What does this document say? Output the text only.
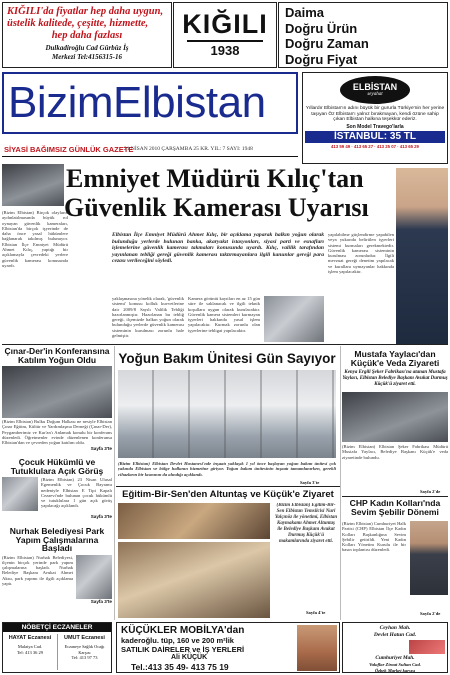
KIĞILI'da fiyatlar hep daha uygun,
üstelik kalitede, çeşitte, hizmette,
hep daha fazlası
Dulkadiroğlu Cad Gürbüz İş
Merkezi Tel:4156315-16
KIĞILI
1938
Daima
Doğru Ürün
Doğru Zaman
Doğru Fiyat
BizimElbistan
SİYASİ BAĞIMSIZ GÜNLÜK GAZETE
21 NİSAN 2010 ÇARŞAMBA 25 KR. YIL: 7 SAYI: 1948
ELBİSTAN
seyahat
Yıllardır Elbistan'ın adını büyük bir gururla Türkiye'nin her yerine taşıyan Öz Elbistan'ı yalnız bırakmayan, kendi özüne sahip çıkan Elbistan halkına teşekkür ederiz.
Son Model Travego'larla
İSTANBUL: 35 TL
413 59 49 · 413 65 27 · 413 25 07 · 413 65 29
Emniyet Müdürü Kılıç'tan
Güvenlik Kamerası Uyarısı
(Bizim Elbistan) Birçok olayların aydınlatılmasında büyük rol oynayan güvenlik kameraları, Elbistan'da birçok işyerinde de daha önce yasal hükümlere bağlanarak takılmış bulunuyor. Elbistan İlçe Emniyet Müdürü Ahmet Kılıç, yaptığı bir açıklamayla çevredeki yerlere güvenlik kamerası konusunda uyardı.
Elbistan İlçe Emniyet Müdürü Ahmet Kılıç, bir açıklama yaparak halkın yoğun olarak bulunduğu yerlerde bulunan banka, akaryakıt istasyonları, siyasi parti ve esnafları işlemelerine güvenlik kamerası takmaları konusunda uyardı. Kılıç, valilik tarafından yayınlanan tebliği gereği güvenlik kamerası taktırmayanlara ilgili kanunlar gereği para cezası verileceğini söyledi.
yaklaşmasına yönelik olarak, 'güvenlik sistemi' konusu kolluk kuvvetlerine dair 2009/8 Sayılı Valilik Tebliği hazırlanmıştır. Hazırlanan bu tebliğ gereği, ilçemizde halkın yoğun olarak bulunduğu yerlerde güvenlik kamerası sisteminin kurulması zorunlu hale gelmiştir.
Kamera görüntü kayıtları en az 15 gün süre ile saklanacak ve ilgili teknik koşullara uygun olarak kurulacaktır. Güvenlik kamera sistemleri kurmayan işyerleri hakkında yasal işlem yapılacaktır. Kurmak zorunlu olan işyerlerine tebligat yapılacaktır.
yapılabilme güçlendirme yapabilen veya yukarıda belirtilen işyerleri sistemi kurmaları gerekmektedir. Güvenlik kamerası sisteminin kurulması zorunludur. İlgili mevzuat gereği denetim yapılacak ve kurallara uymayanlar hakkında işlem yapılacaktır.
Çınar-Der'in Konferansına Katılım Yoğun Oldu
(Bizim Elbistan) Bulku Doğum Halkası ne nesiyle Elbistan Çınar Eğitim, Kültür ve Yardımlaşma Derneği (Çınar-Der), Peygamberimiz ve Kur'an'ı Anlamak konulu bir konferans düzenledi. Öğretmenler evinde düzenlenen konferansa Elbistan'dan ve çevreden yoğun katılım oldu.
Sayfa 3'te
Çocuk Hükümlü ve Tutuklulara Açık Görüş
(Bizim Elbistan) 23 Nisan Ulusal Egemenlik ve Çocuk Bayramı nedeniyle Elbistan E Tipi Kapalı Cezaevi'nde bulunan çocuk hükümlü ve tutuklulara 1 gün açık görüş yapılacağı açıklandı.
Sayfa 3'te
Nurhak Belediyesi Park Yapım Çalışmalarına Başladı
(Bizim Elbistan) Nurhak Belediyesi, ilçenin birçok yerinde park yapım çalışmalarına başladı. Nurhak Belediye Başkanı Avukat Ahmet Aksu, park yapımı ile ilgili açıklama yaptı.
Sayfa 3'te
Yoğun Bakım Ünitesi Gün Sayıyor
(Bizim Elbistan) Elbistan Devlet Hastanesi'nde inşaatı yaklaşık 1 yıl önce başlayan yoğun bakım ünitesi çok yakında Elbistan ve bölge halkının hizmetine giriyor. Yoğun bakım ünitesinin inşaatı tamamlanırken, gerekli cihazların bir kısmının da alındığı açıklandı.
Sayfa 3'te
Eğitim-Bir-Sen'den Altuntaş ve Küçük'e Ziyaret
(Bizim Elbistan) Eğitim-Bir-Sen Elbistan Temsilcisi Nuri Yalçınöz ile yönetimi, Elbistan Kaymakamı Ahmet Altuntaş ile Belediye Başkanı Avukat Durmuş Küçük'ü makamlarında ziyaret etti.
Sayfa 4'te
Mustafa Yaylacı'dan Küçük'e Veda Ziyareti
Kenya Ergili Şeker Fabrikası'na atanan Mustafa Yaylacı, Elbistan Belediye Başkanı Avukat Durmuş Küçük'ü ziyaret etti.
(Bizim Elbistan) Elbistan Şeker Fabrikası Müdürü Mustafa Yaylacı, Belediye Başkanı Küçük'e veda ziyaretinde bulundu.
Sayfa 2'de
CHP Kadın Kolları'nda Sevim Şebilir Dönemi
(Bizim Elbistan) Cumhuriyet Halk Partisi (CHP) Elbistan İlçe Kadın Kolları Başkanlığına Sevim Şebilir getirildi. Yeni Kadın Kolları Yönetim Kurulu ile bir basın toplantısı düzenledi.
Sayfa 2'de
NÖBETÇİ ECZANELER
HAYAT Eczanesi
Malatya Cad.
Tel: 413 36 29
UMUT Eczanesi
Eczaneye Sağlık Ocağı Karşısı
Tel: 413 97 73
KÜÇÜKLER MOBİLYA'dan
kaderoğlu. tüp, 160 ve 200 m²lik
SATILIK DAİRELER ve İŞ YERLERİ
Ali KÜÇÜK
Tel.:413 35 49- 413 75 19
Ceyhan Mah.
Devlet Hatun Cad.
Cumhuriyet Mah.
Vakıflar Ziraat Sultan Cad.
Özbek Market karşısı
